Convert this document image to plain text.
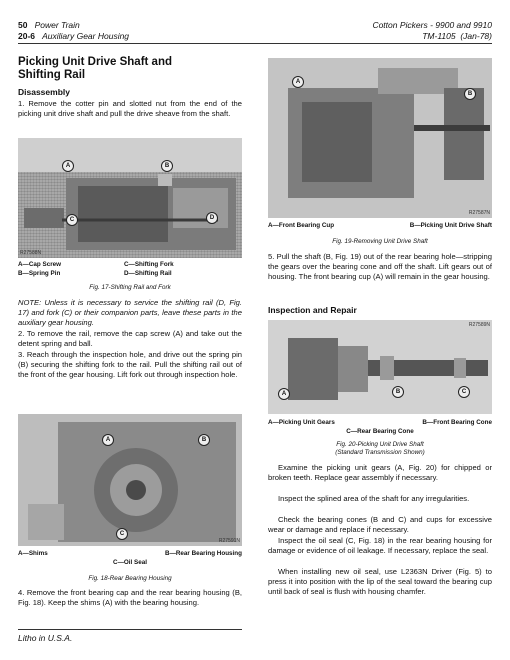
50 Power Train
20-6 Auxiliary Gear Housing
Cotton Pickers - 9900 and 9910
TM-1105 (Jan-78)
Picking Unit Drive Shaft and
Shifting Rail
Disassembly

1. Remove the cotter pin and slotted nut from the end of the picking unit drive shaft and pull the drive sheave from the shaft.

A	B
C	D
R27588N
A—Cap Screw	C—Shifting Fork
B—Spring Pin	D—Shifting Rail
Fig. 17-Shifting Rail and Fork

NOTE: Unless it is necessary to service the shifting rail (D, Fig. 17) and fork (C) or their companion parts, leave these parts in the auxiliary gear housing.

2. To remove the rail, remove the cap screw (A) and take out the detent spring and ball.

3. Reach through the inspection hole, and drive out the spring pin (B) securing the shifting fork to the rail. Pull the shifting rail out of the front of the gear housing. Lift fork out through inspection hole.

A	B
C
R27591N
A—Shims	B—Rear Bearing Housing
C—Oil Seal
Fig. 18-Rear Bearing Housing

4. Remove the front bearing cap and the rear bearing housing (B, Fig. 18). Keep the shims (A) with the bearing housing.

Litho in U.S.A.
A
B
R27587N
A—Front Bearing Cup	B—Picking Unit Drive Shaft
Fig. 19-Removing Unit Drive Shaft

5. Pull the shaft (B, Fig. 19) out of the rear bearing hole—stripping the gears over the bearing cone and off the shaft. Lift gears out of housing. The front bearing cup (A) will remain in the gear housing.

Inspection and Repair
A	B	C
R27589N
A—Picking Unit Gears	B—Front Bearing Cone
C—Rear Bearing Cone
Fig. 20-Picking Unit Drive Shaft
(Standard Transmission Shown)

Examine the picking unit gears (A, Fig. 20) for chipped or broken teeth. Replace gear assembly if necessary.

Inspect the splined area of the shaft for any irregularities.

Check the bearing cones (B and C) and cups for excessive wear or damage and replace if necessary.

Inspect the oil seal (C, Fig. 18) in the rear bearing housing for damage or evidence of oil leakage. If necessary, replace the seal.

When installing new oil seal, use L2363N Driver (Fig. 5) to press it into position with the lip of the seal toward the bearing cup until back of seal is flush with housing chamfer.
